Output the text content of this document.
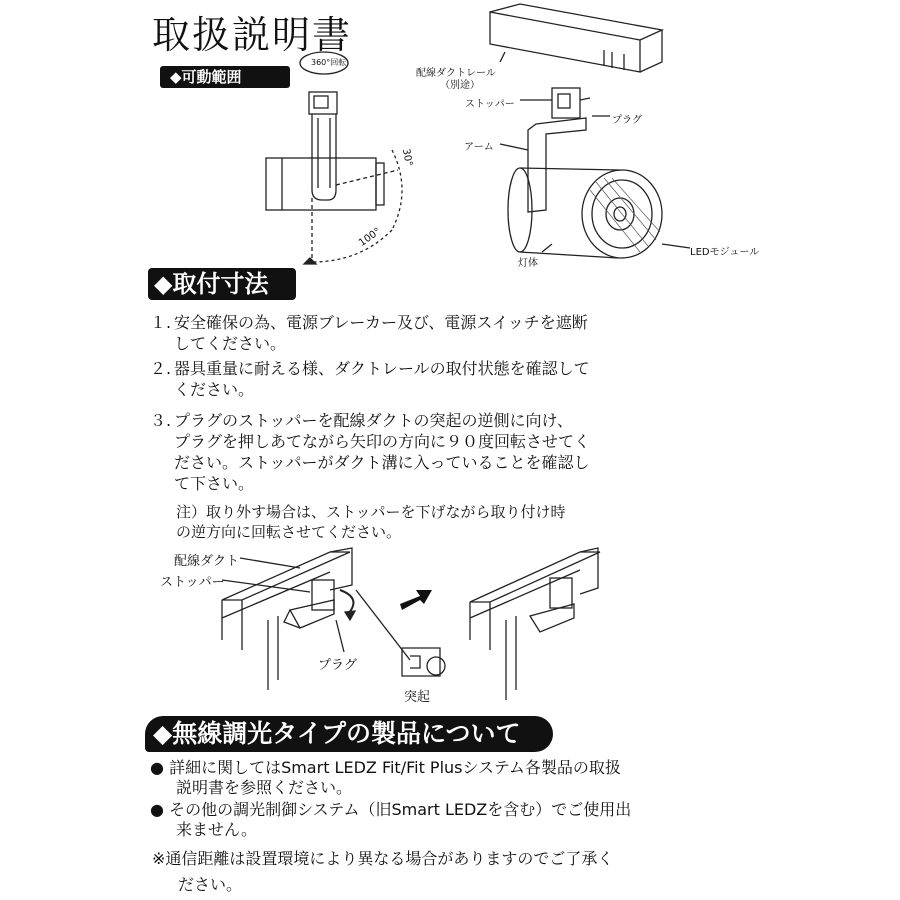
取扱説明書
◆可動範囲
360°回転
30°
100°
配線ダクトレール
（別途）
ストッパー
プラグ
アーム
灯体
LEDモジュール
◆取付寸法
１. 安全確保の為、電源ブレーカー及び、電源スイッチを遮断
してください。
２. 器具重量に耐える様、ダクトレールの取付状態を確認して
ください。
３. プラグのストッパーを配線ダクトの突起の逆側に向け、
プラグを押しあてながら矢印の方向に９０度回転させてく
ださい。ストッパーがダクト溝に入っていることを確認し
て下さい。
注）取り外す場合は、ストッパーを下げながら取り付け時
の逆方向に回転させてください。
配線ダクト
ストッパー
プラグ
突起
◆無線調光タイプの製品について
● 詳細に関してはSmart LEDZ Fit/Fit Plusシステム各製品の取扱
説明書を参照ください。
● その他の調光制御システム（旧Smart LEDZを含む）でご使用出
来ません。
※通信距離は設置環境により異なる場合がありますのでご了承く
ださい。
